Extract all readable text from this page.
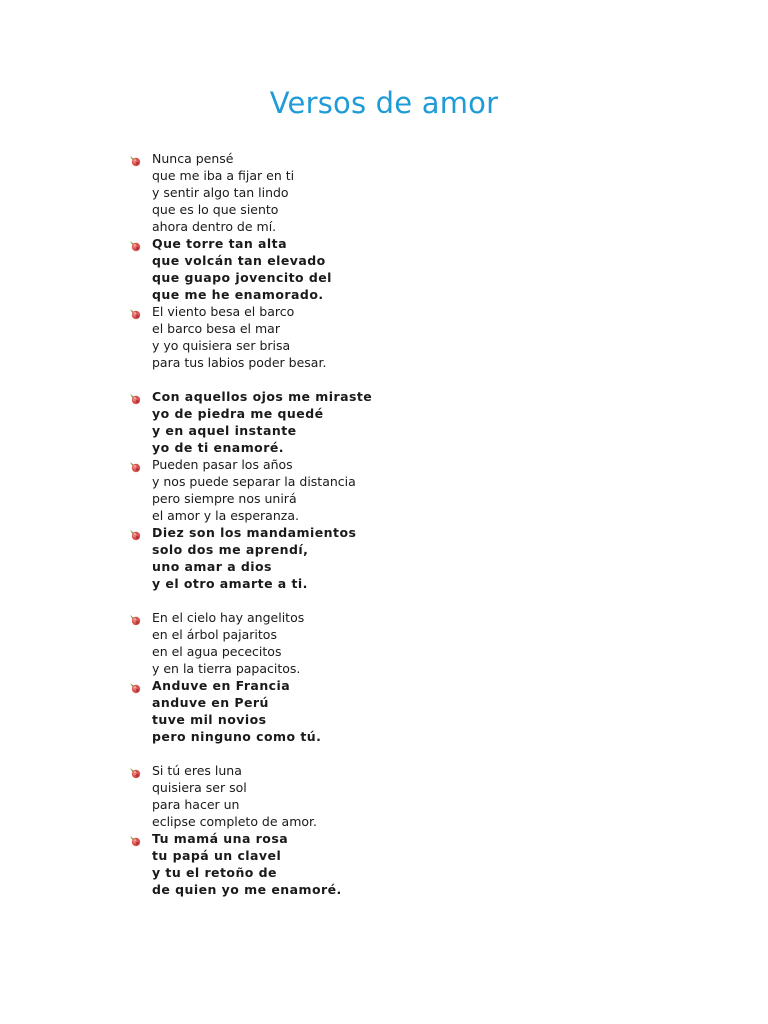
Versos de amor
Nunca pensé
que me iba a fijar en ti
y sentir algo tan lindo
que es lo que siento
ahora dentro de mí.
Que torre tan alta
que volcán tan elevado
que guapo jovencito del
que me he enamorado.
El viento besa el barco
el barco besa el mar
y yo quisiera ser brisa
para tus labios poder besar.
Con aquellos ojos me miraste
yo de piedra me quedé
y en aquel instante
yo de ti enamoré.
Pueden pasar los años
y nos puede separar la distancia
pero siempre nos unirá
el amor y la esperanza.
Diez son los mandamientos
solo dos me aprendí,
uno amar a dios
y el otro amarte a ti.
En el cielo hay angelitos
en el árbol pajaritos
en el agua pececitos
y en la tierra papacitos.
Anduve en Francia
anduve en Perú
tuve mil novios
pero ninguno como tú.
Si tú eres luna
quisiera ser sol
para hacer un
eclipse completo de amor.
Tu mamá una rosa
tu papá un clavel
y tu el retoño de
de quien yo me enamoré.
